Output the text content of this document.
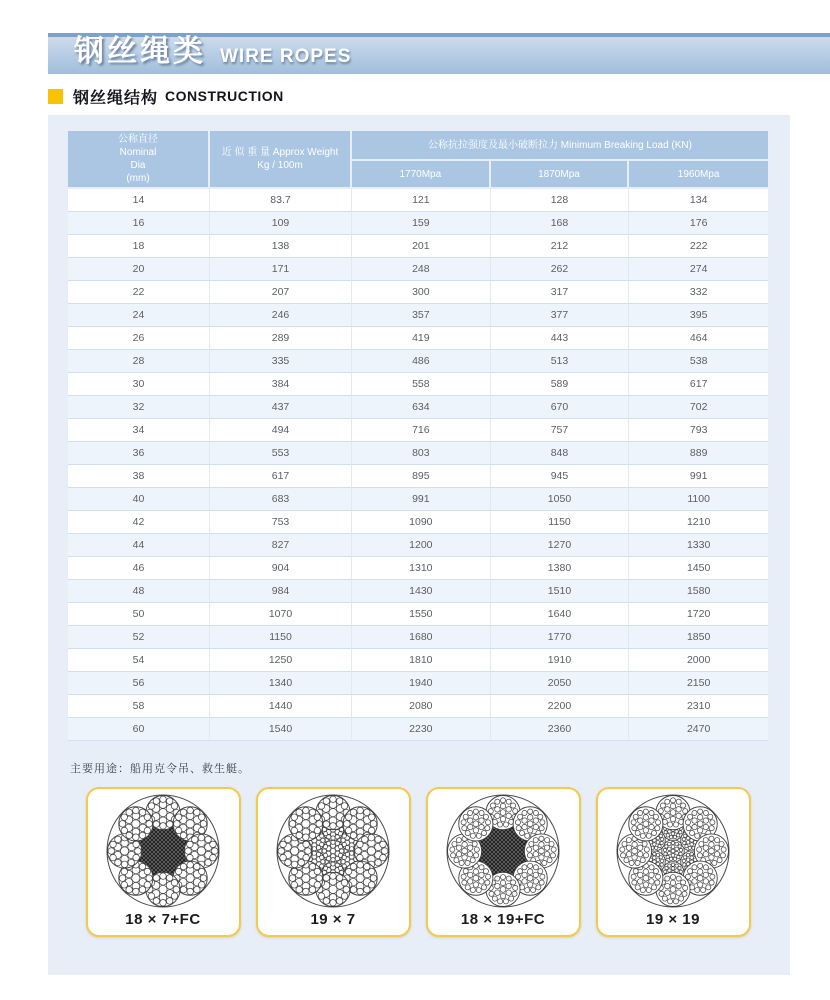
钢丝绳类 WIRE ROPES
钢丝绳结构 CONSTRUCTION
公称直径
Nominal
Dia
(mm)	近 似 重 量 Approx Weight
Kg / 100m	公称抗拉强度及最小破断拉力 Minimum Breaking Load (KN)		
		1770Mpa	1870Mpa	1960Mpa
14	83.7	121	128	134
16	109	159	168	176
18	138	201	212	222
20	171	248	262	274
22	207	300	317	332
24	246	357	377	395
26	289	419	443	464
28	335	486	513	538
30	384	558	589	617
32	437	634	670	702
34	494	716	757	793
36	553	803	848	889
38	617	895	945	991
40	683	991	1050	1100
42	753	1090	1150	1210
44	827	1200	1270	1330
46	904	1310	1380	1450
48	984	1430	1510	1580
50	1070	1550	1640	1720
52	1150	1680	1770	1850
54	1250	1810	1910	2000
56	1340	1940	2050	2150
58	1440	2080	2200	2310
60	1540	2230	2360	2470
主要用途：船用克令吊、救生艇。
18 × 7+FC	19 × 7	18 × 19+FC	19 × 19
